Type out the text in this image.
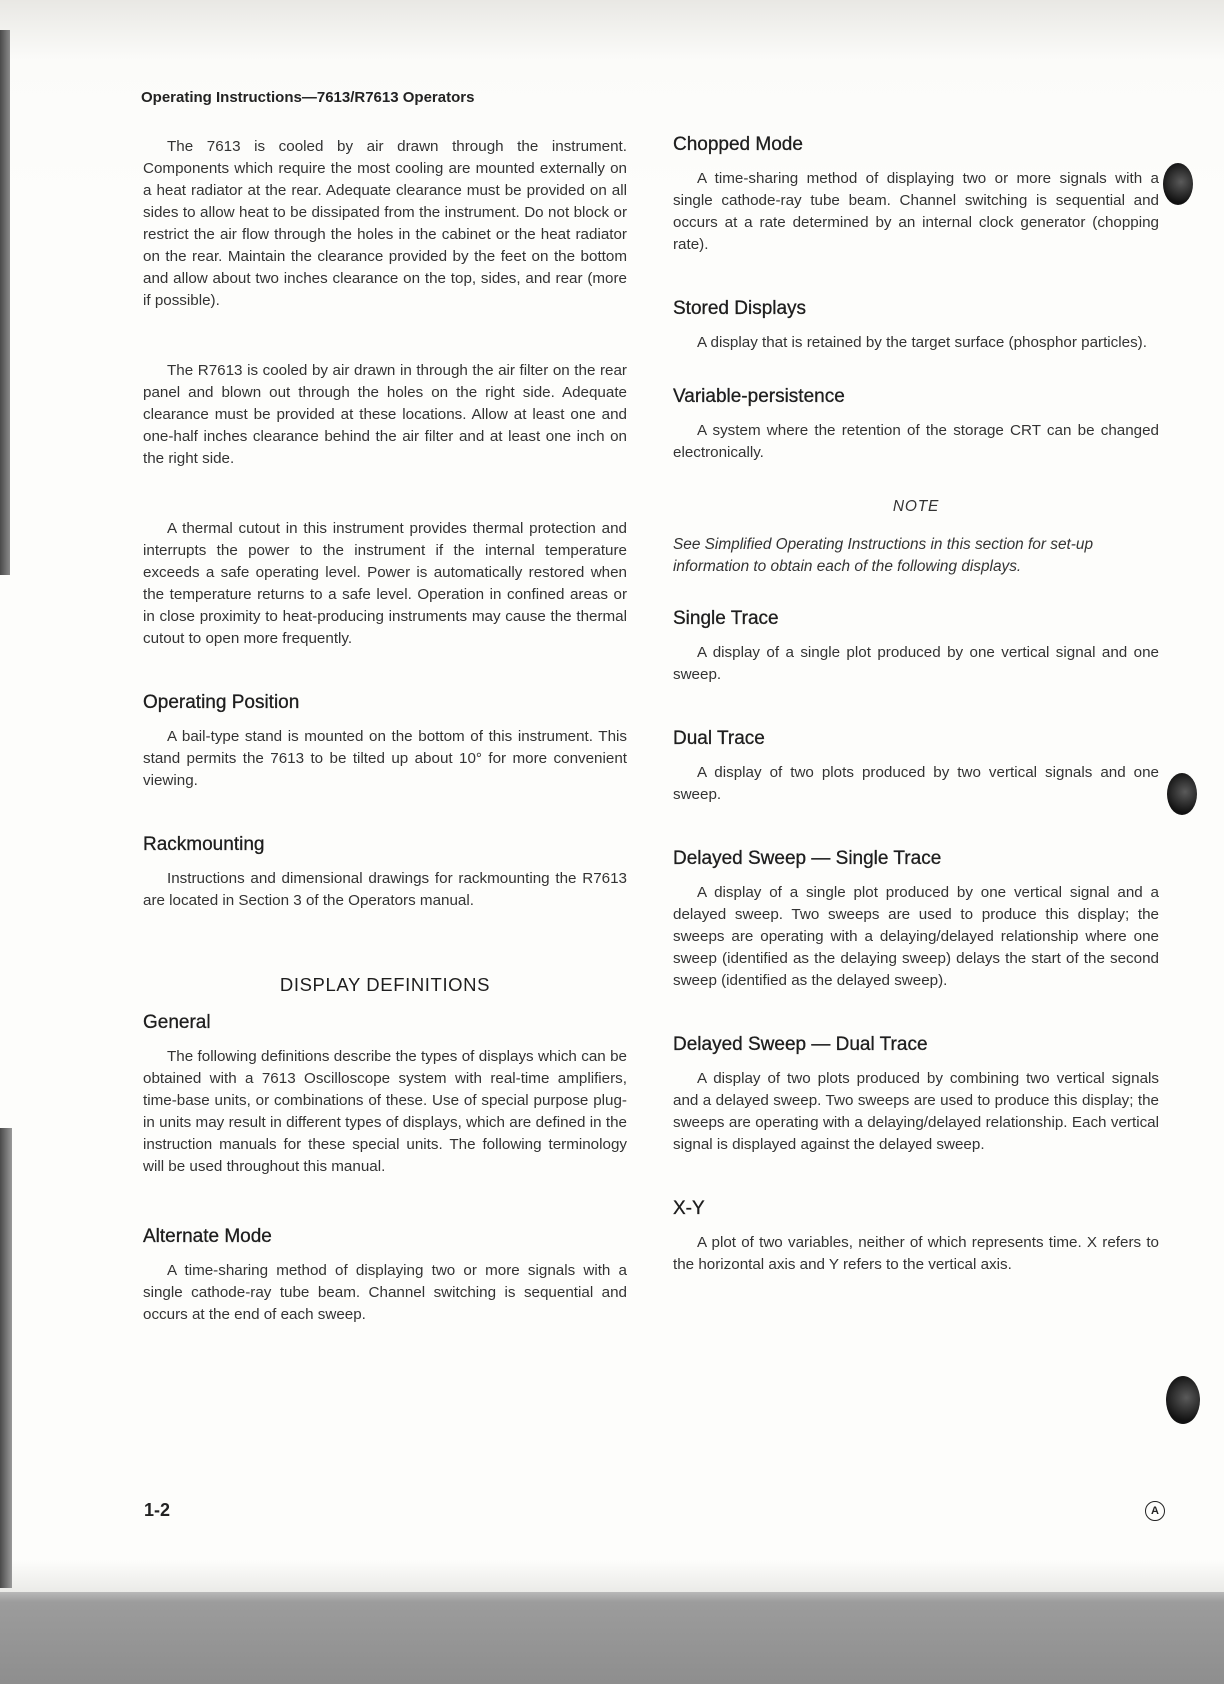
Operating Instructions—7613/R7613 Operators

The 7613 is cooled by air drawn through the instrument. Components which require the most cooling are mounted externally on a heat radiator at the rear. Adequate clearance must be provided on all sides to allow heat to be dissipated from the instrument. Do not block or restrict the air flow through the holes in the cabinet or the heat radiator on the rear. Maintain the clearance provided by the feet on the bottom and allow about two inches clearance on the top, sides, and rear (more if possible).

The R7613 is cooled by air drawn in through the air filter on the rear panel and blown out through the holes on the right side. Adequate clearance must be provided at these locations. Allow at least one and one-half inches clearance behind the air filter and at least one inch on the right side.

A thermal cutout in this instrument provides thermal protection and interrupts the power to the instrument if the internal temperature exceeds a safe operating level. Power is automatically restored when the temperature returns to a safe level. Operation in confined areas or in close proximity to heat-producing instruments may cause the thermal cutout to open more frequently.

Operating Position

A bail-type stand is mounted on the bottom of this instrument. This stand permits the 7613 to be tilted up about 10° for more convenient viewing.

Rackmounting

Instructions and dimensional drawings for rackmounting the R7613 are located in Section 3 of the Operators manual.

DISPLAY DEFINITIONS
General

The following definitions describe the types of displays which can be obtained with a 7613 Oscilloscope system with real-time amplifiers, time-base units, or combinations of these. Use of special purpose plug-in units may result in different types of displays, which are defined in the instruction manuals for these special units. The following terminology will be used throughout this manual.

Alternate Mode

A time-sharing method of displaying two or more signals with a single cathode-ray tube beam. Channel switching is sequential and occurs at the end of each sweep.

Chopped Mode

A time-sharing method of displaying two or more signals with a single cathode-ray tube beam. Channel switching is sequential and occurs at a rate determined by an internal clock generator (chopping rate).

Stored Displays

A display that is retained by the target surface (phosphor particles).

Variable-persistence

A system where the retention of the storage CRT can be changed electronically.

NOTE

See Simplified Operating Instructions in this section for set-up information to obtain each of the following displays.

Single Trace

A display of a single plot produced by one vertical signal and one sweep.

Dual Trace

A display of two plots produced by two vertical signals and one sweep.

Delayed Sweep — Single Trace

A display of a single plot produced by one vertical signal and a delayed sweep. Two sweeps are used to produce this display; the sweeps are operating with a delaying/delayed relationship where one sweep (identified as the delaying sweep) delays the start of the second sweep (identified as the delayed sweep).

Delayed Sweep — Dual Trace

A display of two plots produced by combining two vertical signals and a delayed sweep. Two sweeps are used to produce this display; the sweeps are operating with a delaying/delayed relationship. Each vertical signal is displayed against the delayed sweep.

X-Y

A plot of two variables, neither of which represents time. X refers to the horizontal axis and Y refers to the vertical axis.

1-2	A
